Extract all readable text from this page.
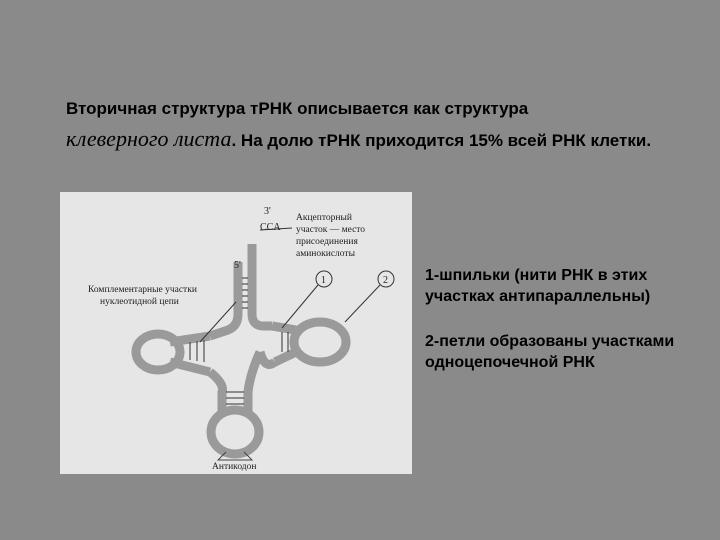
Вторичная структура тРНК описывается как структура
клеверного листа. На долю тРНК приходится 15% всей РНК клетки.

3'
CCA
5'
Акцепторный
участок — место
присоединения
аминокислоты
Комплементарные участки
нуклеотидной цепи
1	2
Антикодон

1-шпильки (нити РНК в этих участках антипараллельны)

2-петли образованы участками одноцепочечной РНК
